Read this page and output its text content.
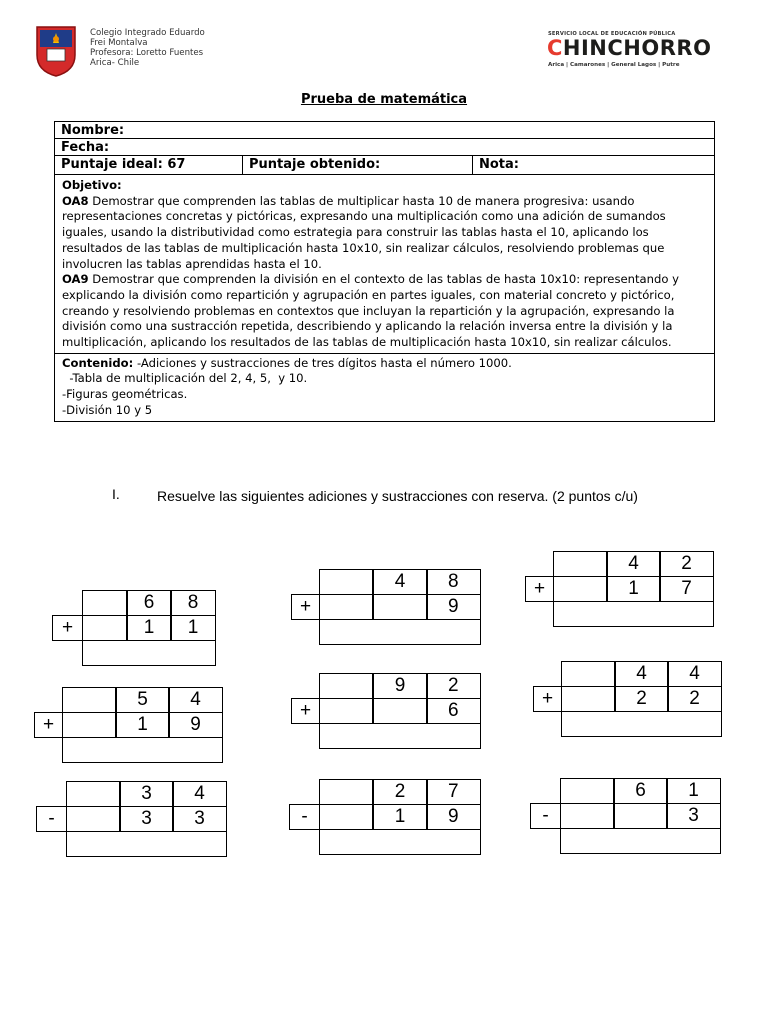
Colegio Integrado Eduardo
Frei Montalva
Profesora: Loretto Fuentes
Arica- Chile
SERVICIO LOCAL DE EDUCACIÓN PÚBLICA
CHINCHORRO
Arica | Camarones | General Lagos | Putre
Prueba de matemática
Nombre:
Fecha:
Puntaje ideal: 67	Puntaje obtenido:	Nota:
Objetivo:
OA8 Demostrar que comprenden las tablas de multiplicar hasta 10 de manera progresiva: usando representaciones concretas y pictóricas, expresando una multiplicación como una adición de sumandos iguales, usando la distributividad como estrategia para construir las tablas hasta el 10, aplicando los resultados de las tablas de multiplicación hasta 10x10, sin realizar cálculos, resolviendo problemas que involucren las tablas aprendidas hasta el 10.
OA9 Demostrar que comprenden la división en el contexto de las tablas de hasta 10x10: representando y explicando la división como repartición y agrupación en partes iguales, con material concreto y pictórico, creando y resolviendo problemas en contextos que incluyan la repartición y la agrupación, expresando la división como una sustracción repetida, describiendo y aplicando la relación inversa entre la división y la multiplicación, aplicando los resultados de las tablas de multiplicación hasta 10x10, sin realizar cálculos.
Contenido: -Adiciones y sustracciones de tres dígitos hasta el número 1000.
-Tabla de multiplicación del 2, 4, 5,  y 10.
-Figuras geométricas.
-División 10 y 5
I.	Resuelve las siguientes adiciones y sustracciones con reserva. (2 puntos c/u)
6	8
1	1
+
4	8
9
+
4	2
1	7
+
5	4
1	9
+
9	2
6
+
4	4
2	2
+
3	4
3	3
-
2	7
1	9
-
6	1
3
-
